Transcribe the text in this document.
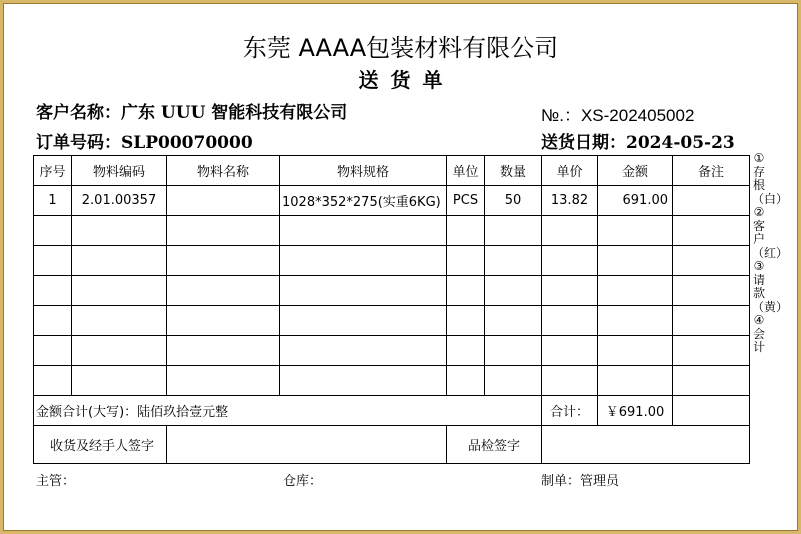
东莞 AAAA包装材料有限公司
送货单
客户名称：广东 UUU 智能科技有限公司
订单号码：SLP00070000
№.：XS-202405002
送货日期：2024-05-23
序号	物料编码	物料名称	物料规格	单位	数量	单价	金额	备注
1	2.01.00357		1028*352*275(实重6KG)	PCS	50	13.82	691.00	

金额合计(大写)：陆佰玖拾壹元整						合计：	￥691.00	
收货及经手人签字				品检签字				
①存根（白）②客户（红）③请款（黄）④会计
主管：	仓库：	制单：管理员
